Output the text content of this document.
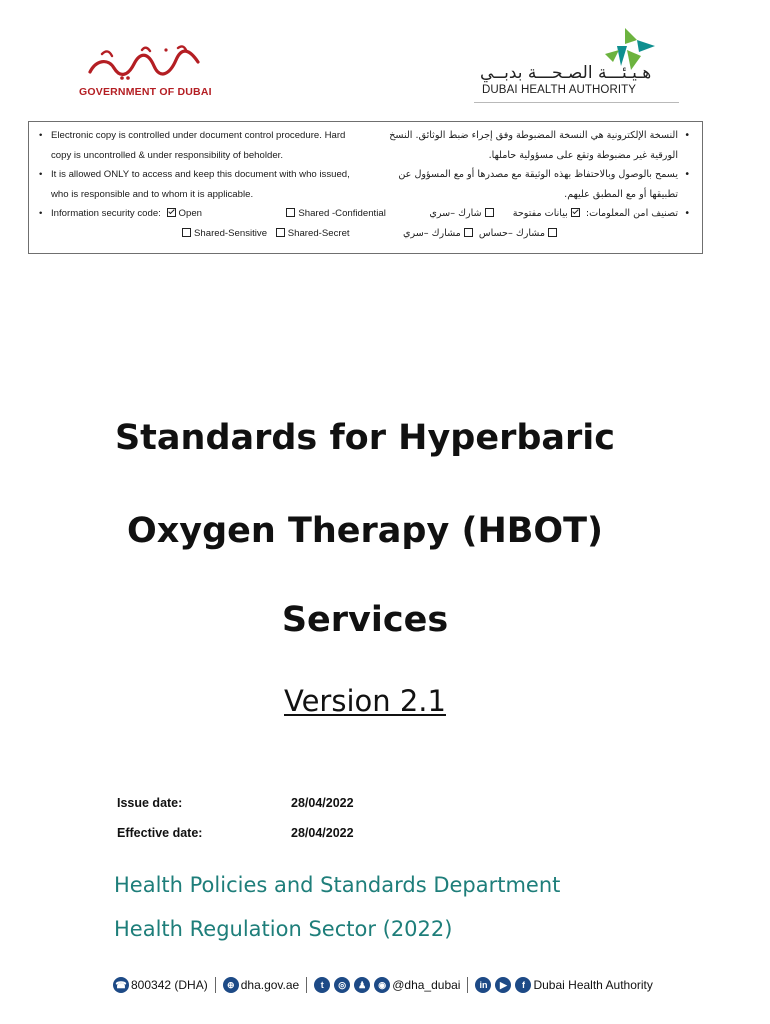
GOVERNMENT OF DUBAI
هـيـئـــة الصـحـــة بدبــي
DUBAI HEALTH AUTHORITY
• Electronic copy is controlled under document control procedure. Hard
copy is uncontrolled & under responsibility of beholder.
• It is allowed ONLY to access and keep this document with who issued,
who is responsible and to whom it is applicable.
• Information security code: Open	Shared -Confidential
Shared-Sensitive Shared-Secret
•
النسخة الإلكترونية هي النسخة المضبوطة وفق إجراء ضبط الوثائق. النسخ
الورقية غير مضبوطة وتقع على مسؤولية حاملها.
•
يسمح بالوصول وبالاحتفاظ بهذه الوثيقة مع مصدرها أو مع المسؤول عن
تطبيقها أو مع المطبق عليهم.
•
تصنيف امن المعلومات: بيانات مفتوحة  شارك –سري
مشارك –حساس مشارك –سري
Standards for Hyperbaric
Oxygen Therapy (HBOT)
Services
Version 2.1
Issue date:	28/04/2022
Effective date:	28/04/2022
Health Policies and Standards Department
Health Regulation Sector (2022)
☎ 800342 (DHA)	⊕ dha.gov.ae	t	◎	♟	◉ @dha_dubai	in	▶	f Dubai Health Authority
